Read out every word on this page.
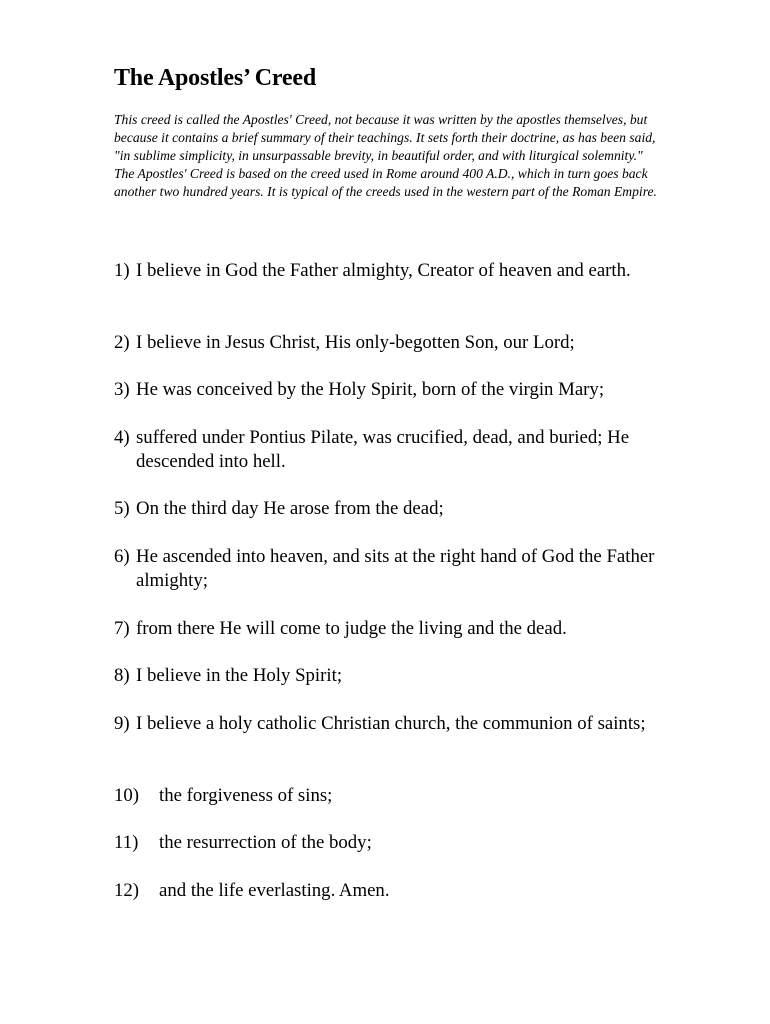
The Apostles’ Creed

This creed is called the Apostles' Creed, not because it was written by the apostles themselves, but because it contains a brief summary of their teachings. It sets forth their doctrine, as has been said, "in sublime simplicity, in unsurpassable brevity, in beautiful order, and with liturgical solemnity." The Apostles' Creed is based on the creed used in Rome around 400 A.D., which in turn goes back another two hundred years. It is typical of the creeds used in the western part of the Roman Empire.

1) I believe in God the Father almighty, Creator of heaven and earth.
2) I believe in Jesus Christ, His only-begotten Son, our Lord;
3) He was conceived by the Holy Spirit, born of the virgin Mary;
4) suffered under Pontius Pilate, was crucified, dead, and buried; He descended into hell.
5) On the third day He arose from the dead;
6) He ascended into heaven, and sits at the right hand of God the Father almighty;
7) from there He will come to judge the living and the dead.
8) I believe in the Holy Spirit;
9) I believe a holy catholic Christian church, the communion of saints;
10)	the forgiveness of sins;
11)	the resurrection of the body;
12)	and the life everlasting. Amen.
